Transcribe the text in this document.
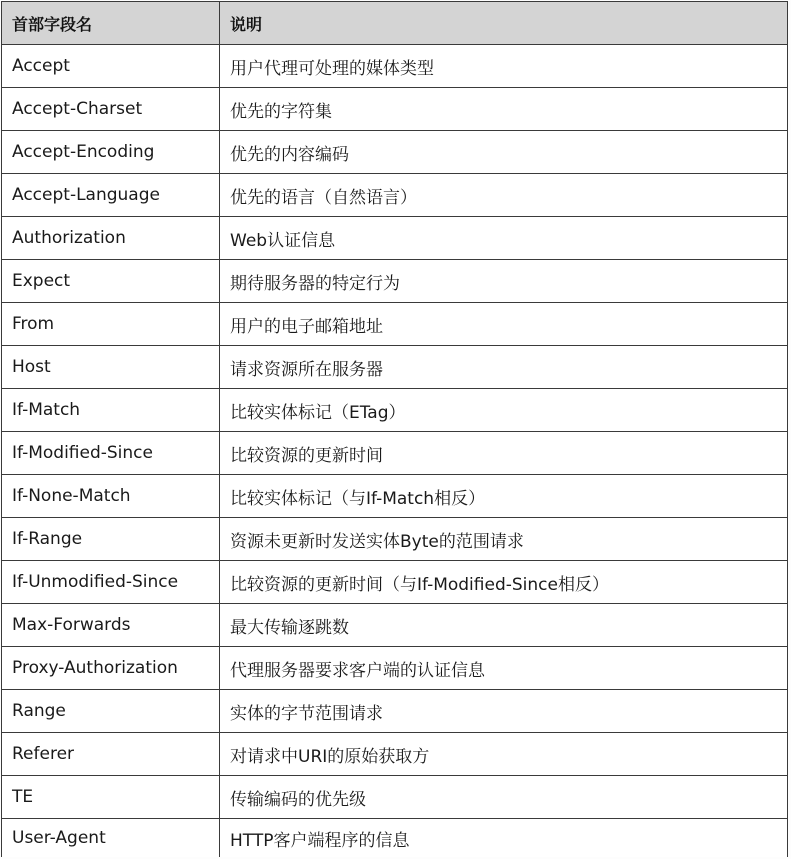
首部字段名	说明
Accept	用户代理可处理的媒体类型
Accept-Charset	优先的字符集
Accept-Encoding	优先的内容编码
Accept-Language	优先的语言（自然语言）
Authorization	Web认证信息
Expect	期待服务器的特定行为
From	用户的电子邮箱地址
Host	请求资源所在服务器
If-Match	比较实体标记（ETag）
If-Modified-Since	比较资源的更新时间
If-None-Match	比较实体标记（与If-Match相反）
If-Range	资源未更新时发送实体Byte的范围请求
If-Unmodified-Since	比较资源的更新时间（与If-Modified-Since相反）
Max-Forwards	最大传输逐跳数
Proxy-Authorization	代理服务器要求客户端的认证信息
Range	实体的字节范围请求
Referer	对请求中URI的原始获取方
TE	传输编码的优先级
User-Agent	HTTP客户端程序的信息
